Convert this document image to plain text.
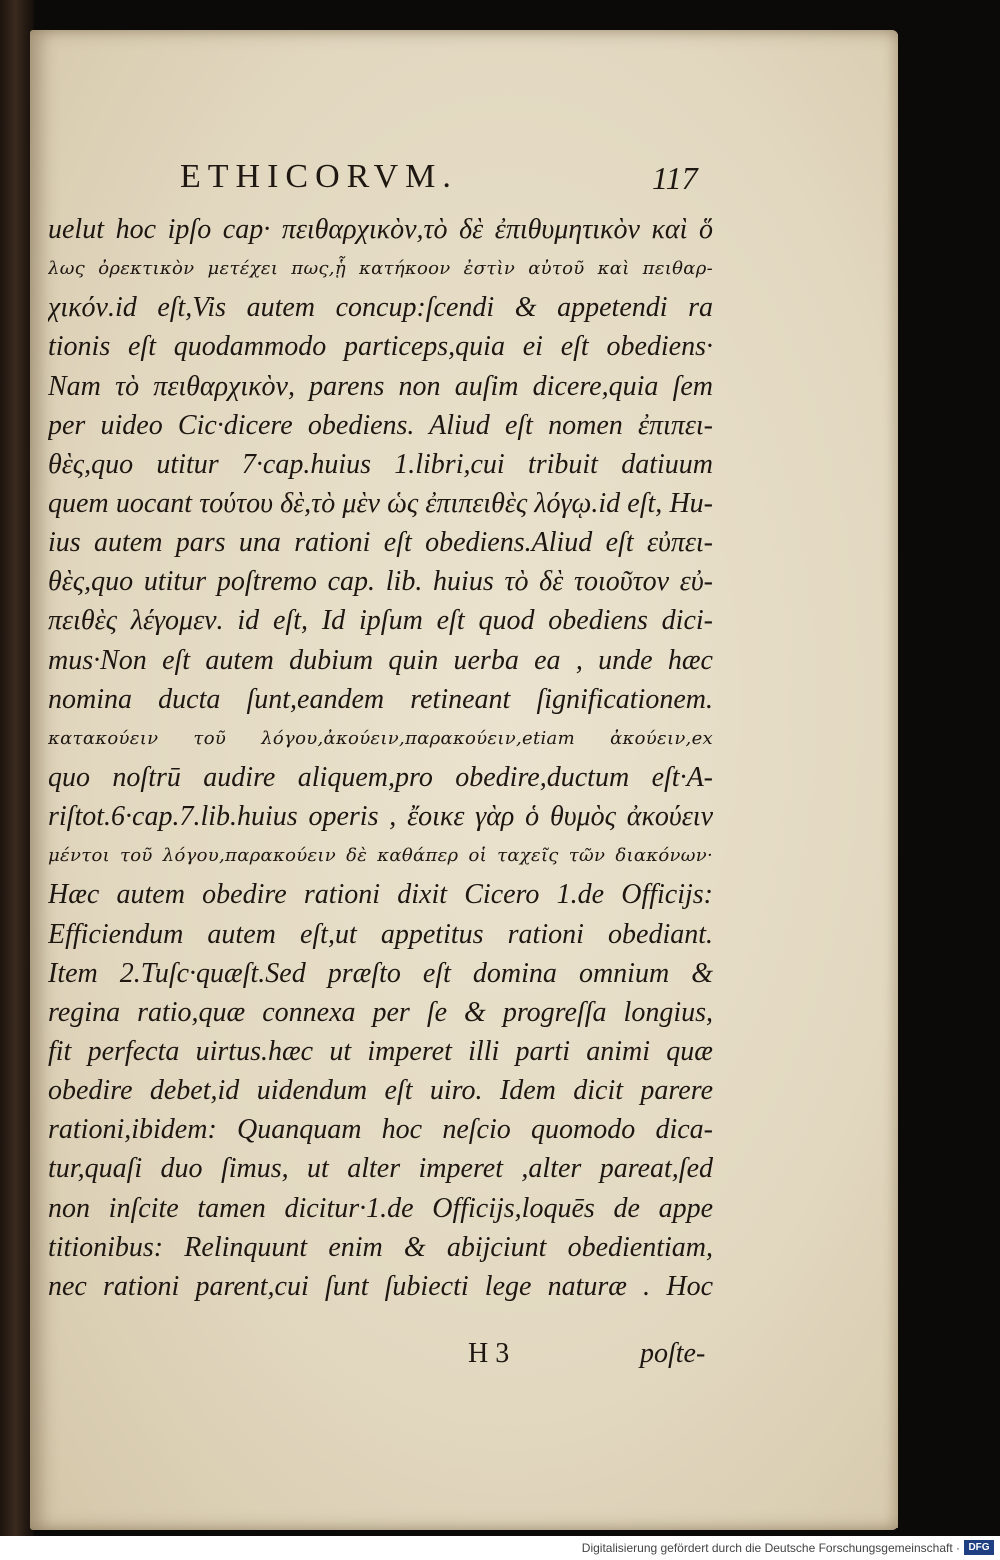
ETHICORVM.	117
uelut hoc ipſo cap· πειθαρχικὸν,τὸ δὲ ἐπιθυμητικὸν καὶ ὅ
λως ὀρεκτικὸν μετέχει πως,ᾗ κατήκοον ἐστὶν αὐτοῦ καὶ πειθαρ-
χικόν.id eſt,Vis autem concup:ſcendi & appetendi ra
tionis eſt quodammodo particeps,quia ei eſt obediens·
Nam τὸ πειθαρχικὸν, parens non auſim dicere,quia ſem
per uideo Cic·dicere obediens. Aliud eſt nomen ἐπιπει-
θὲς,quo utitur 7·cap.huius 1.libri,cui tribuit datiuum
quem uocant τούτου δὲ,τὸ μὲν ὡς ἐπιπειθὲς λόγῳ.id eſt, Hu-
ius autem pars una rationi eſt obediens.Aliud eſt εὐπει-
θὲς,quo utitur poſtremo cap. lib. huius τὸ δὲ τοιοῦτον εὐ-
πειθὲς λέγομεν. id eſt, Id ipſum eſt quod obediens dici-
mus·Non eſt autem dubium quin uerba ea , unde hæc
nomina ducta ſunt,eandem retineant ſignificationem.
κατακούειν τοῦ λόγου,ἀκούειν,παρακούειν,etiam ἀκούειν,ex
quo noſtrū audire aliquem,pro obedire,ductum eſt·A-
riſtot.6·cap.7.lib.huius operis , ἔοικε γὰρ ὁ θυμὸς ἀκούειν
μέντοι τοῦ λόγου,παρακούειν δὲ καθάπερ οἱ ταχεῖς τῶν διακόνων·
Hæc autem obedire rationi dixit Cicero 1.de Officijs:
Efficiendum autem eſt,ut appetitus rationi obediant.
Item 2.Tuſc·quæſt.Sed præſto eſt domina omnium &
regina ratio,quæ connexa per ſe & progreſſa longius,
fit perfecta uirtus.hæc ut imperet illi parti animi quæ
obedire debet,id uidendum eſt uiro. Idem dicit parere
rationi,ibidem: Quanquam hoc neſcio quomodo dica-
tur,quaſi duo ſimus, ut alter imperet ,alter pareat,ſed
non inſcite tamen dicitur·1.de Officijs,loquēs de appe
titionibus: Relinquunt enim & abijciunt obedientiam,
nec rationi parent,cui ſunt ſubiecti lege naturæ . Hoc
H 3	poſte-
Digitalisierung gefördert durch die Deutsche Forschungsgemeinschaft · DFG
